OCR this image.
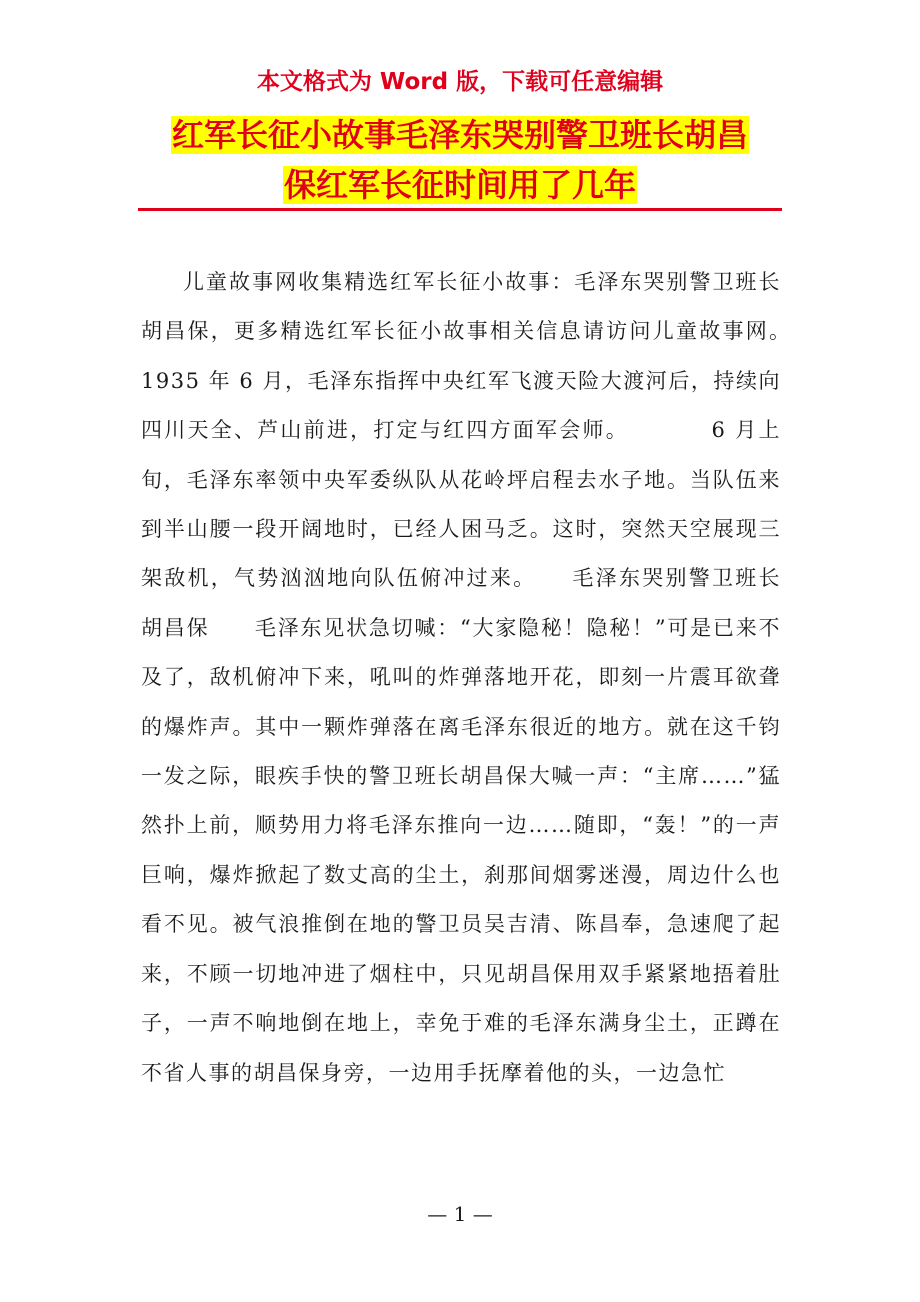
本文格式为 Word 版，下载可任意编辑
红军长征小故事毛泽东哭别警卫班长胡昌
保红军长征时间用了几年

儿童故事网收集精选红军长征小故事：毛泽东哭别警卫班长胡昌保，更多精选红军长征小故事相关信息请访问儿童故事网。　　1935 年 6 月，毛泽东指挥中央红军飞渡天险大渡河后，持续向四川天全、芦山前进，打定与红四方面军会师。　　　　6 月上旬，毛泽东率领中央军委纵队从花岭坪启程去水子地。当队伍来到半山腰一段开阔地时，已经人困马乏。这时，突然天空展现三架敌机，气势汹汹地向队伍俯冲过来。　　毛泽东哭别警卫班长胡昌保　　毛泽东见状急切喊：“大家隐秘！隐秘！”可是已来不及了，敌机俯冲下来，吼叫的炸弹落地开花，即刻一片震耳欲聋的爆炸声。其中一颗炸弹落在离毛泽东很近的地方。就在这千钧一发之际，眼疾手快的警卫班长胡昌保大喊一声：“主席……”猛然扑上前，顺势用力将毛泽东推向一边……随即，“轰！”的一声巨响，爆炸掀起了数丈高的尘土，刹那间烟雾迷漫，周边什么也看不见。被气浪推倒在地的警卫员吴吉清、陈昌奉，急速爬了起来，不顾一切地冲进了烟柱中，只见胡昌保用双手紧紧地捂着肚子，一声不响地倒在地上，幸免于难的毛泽东满身尘土，正蹲在不省人事的胡昌保身旁，一边用手抚摩着他的头，一边急忙

— 1 —
